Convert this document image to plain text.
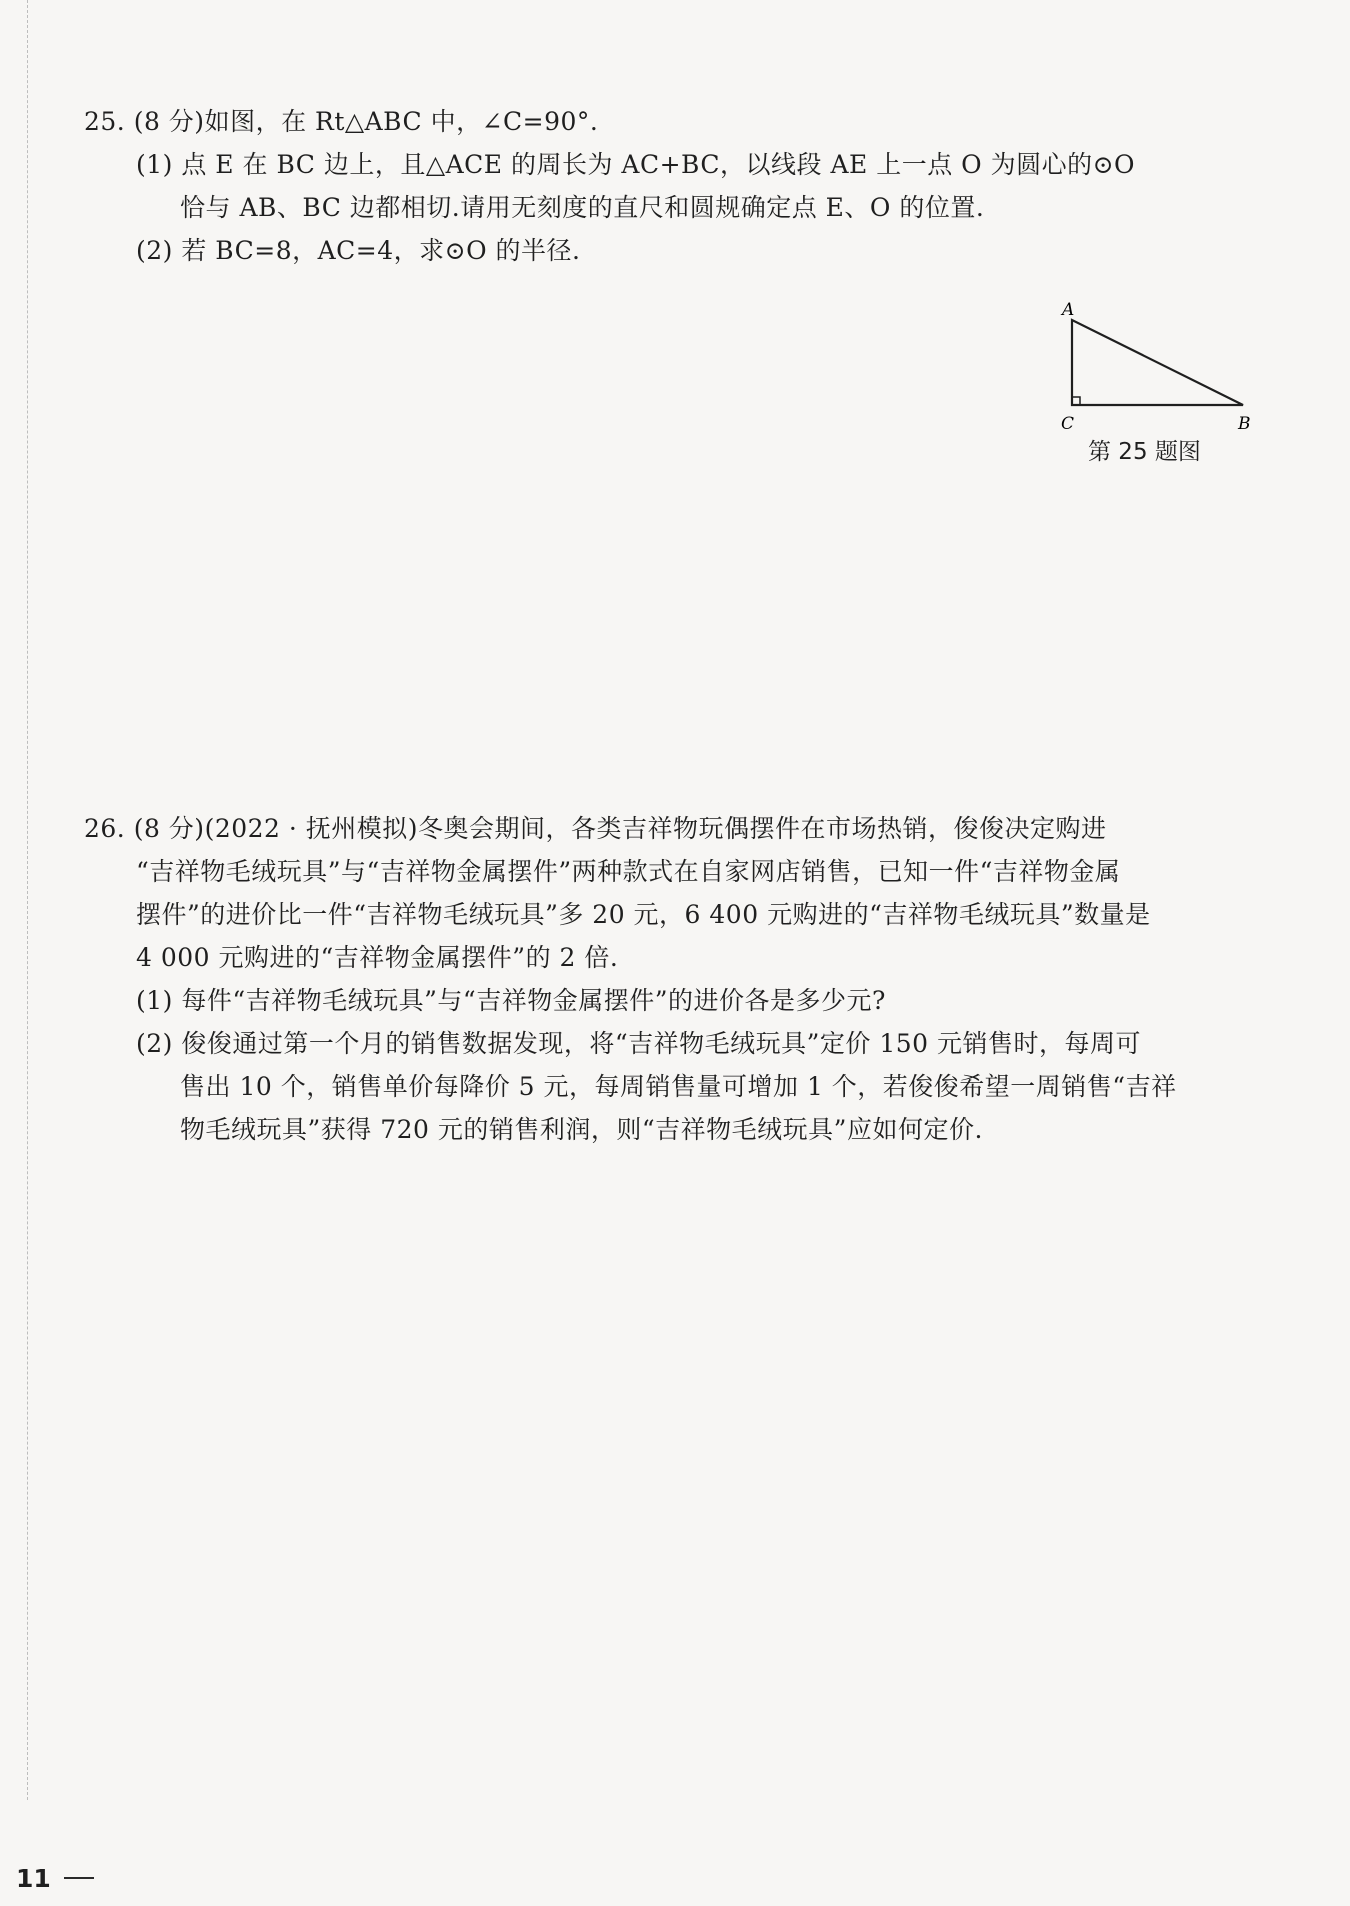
25. (8 分)如图，在 Rt△ABC 中，∠C=90°.
(1) 点 E 在 BC 边上，且△ACE 的周长为 AC+BC，以线段 AE 上一点 O 为圆心的⊙O
恰与 AB、BC 边都相切.请用无刻度的直尺和圆规确定点 E、O 的位置.
(2) 若 BC=8，AC=4，求⊙O 的半径.
A
C	B
第 25 题图
26. (8 分)(2022 · 抚州模拟)冬奥会期间，各类吉祥物玩偶摆件在市场热销，俊俊决定购进
“吉祥物毛绒玩具”与“吉祥物金属摆件”两种款式在自家网店销售，已知一件“吉祥物金属
摆件”的进价比一件“吉祥物毛绒玩具”多 20 元，6 400 元购进的“吉祥物毛绒玩具”数量是
4 000 元购进的“吉祥物金属摆件”的 2 倍.
(1) 每件“吉祥物毛绒玩具”与“吉祥物金属摆件”的进价各是多少元?
(2) 俊俊通过第一个月的销售数据发现，将“吉祥物毛绒玩具”定价 150 元销售时，每周可
售出 10 个，销售单价每降价 5 元，每周销售量可增加 1 个，若俊俊希望一周销售“吉祥
物毛绒玩具”获得 720 元的销售利润，则“吉祥物毛绒玩具”应如何定价.
11
